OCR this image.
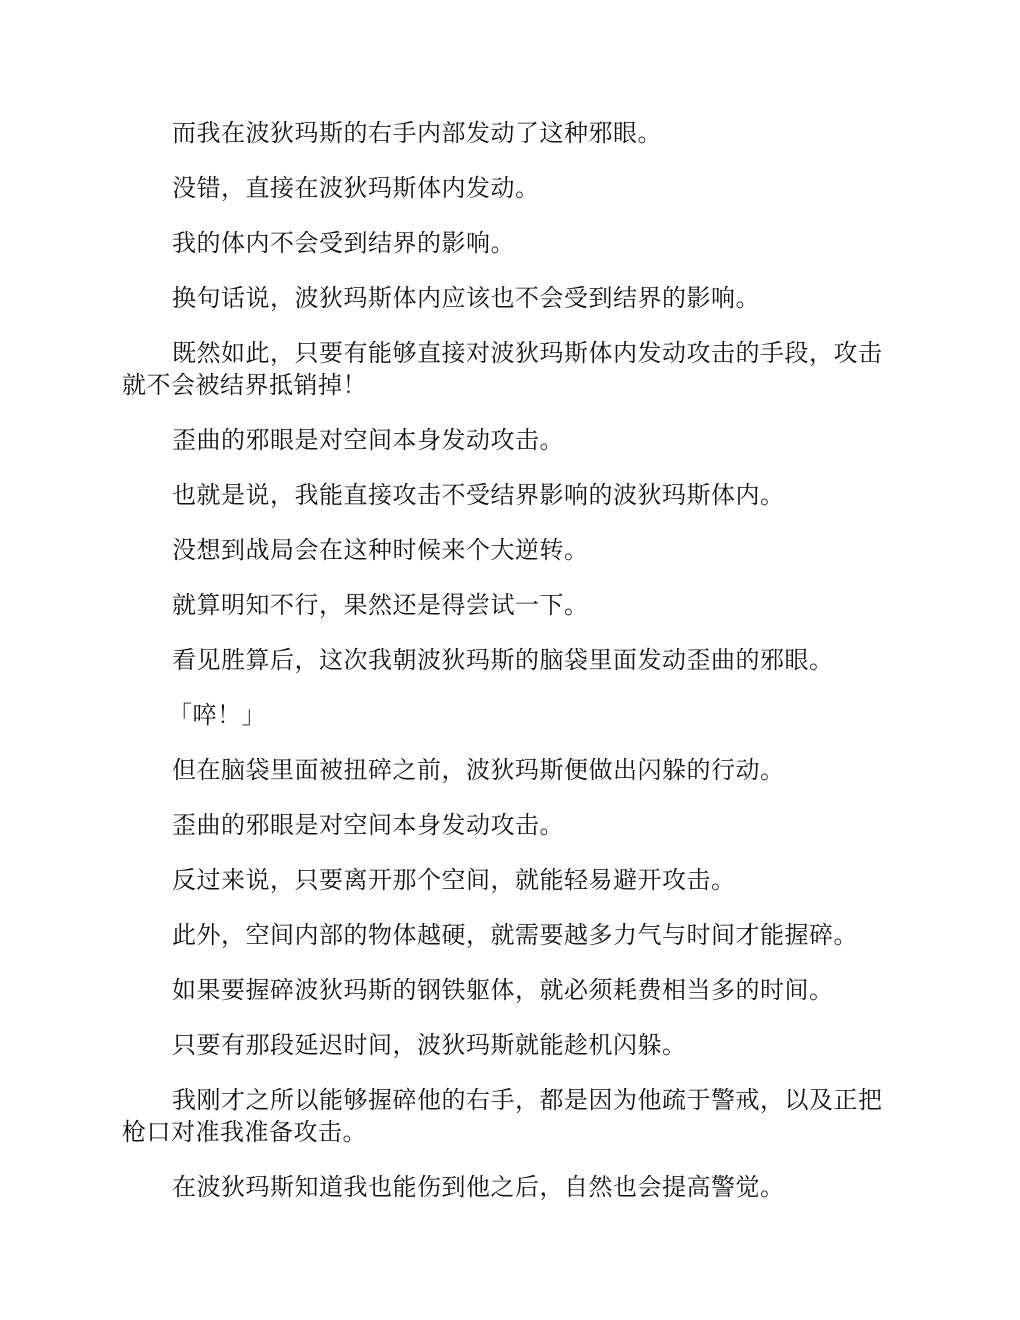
而我在波狄玛斯的右手内部发动了这种邪眼。

没错，直接在波狄玛斯体内发动。

我的体内不会受到结界的影响。

换句话说，波狄玛斯体内应该也不会受到结界的影响。

既然如此，只要有能够直接对波狄玛斯体内发动攻击的手段，攻击就不会被结界抵销掉！

歪曲的邪眼是对空间本身发动攻击。

也就是说，我能直接攻击不受结界影响的波狄玛斯体内。

没想到战局会在这种时候来个大逆转。

就算明知不行，果然还是得尝试一下。

看见胜算后，这次我朝波狄玛斯的脑袋里面发动歪曲的邪眼。

「啐！」

但在脑袋里面被扭碎之前，波狄玛斯便做出闪躲的行动。

歪曲的邪眼是对空间本身发动攻击。

反过来说，只要离开那个空间，就能轻易避开攻击。

此外，空间内部的物体越硬，就需要越多力气与时间才能握碎。

如果要握碎波狄玛斯的钢铁躯体，就必须耗费相当多的时间。

只要有那段延迟时间，波狄玛斯就能趁机闪躲。

我刚才之所以能够握碎他的右手，都是因为他疏于警戒，以及正把枪口对准我准备攻击。

在波狄玛斯知道我也能伤到他之后，自然也会提高警觉。
